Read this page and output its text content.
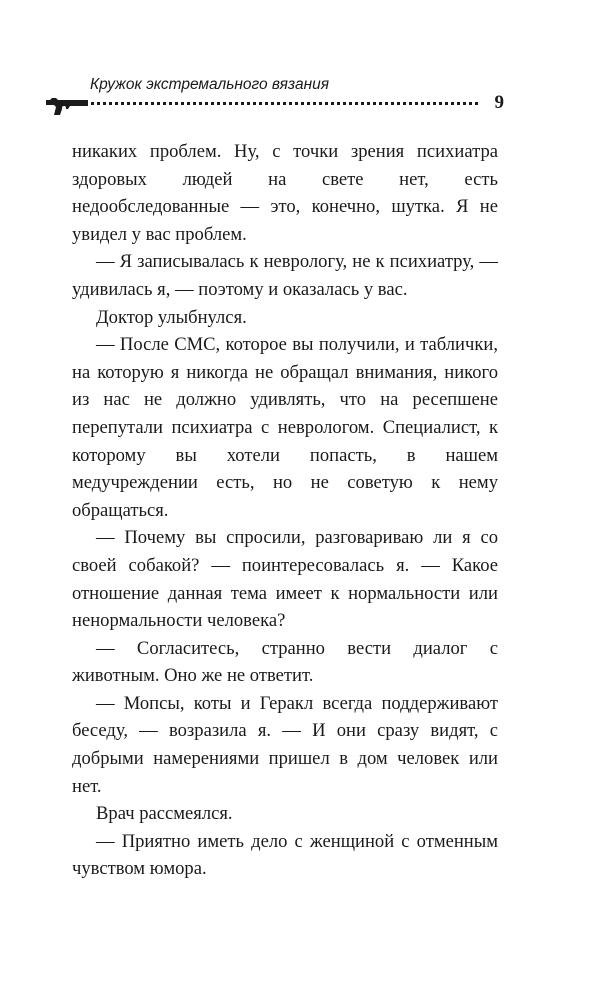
Кружок экстремального вязания
9

никаких проблем. Ну, с точки зрения психиатра здоровых людей на свете нет, есть недообследованные — это, конечно, шутка. Я не увидел у вас проблем.

— Я записывалась к неврологу, не к психиатру, — удивилась я, — поэтому и оказалась у вас.

Доктор улыбнулся.

— После СМС, которое вы получили, и таблички, на которую я никогда не обращал внимания, никого из нас не должно удивлять, что на ресепшене перепутали психиатра с неврологом. Специалист, к которому вы хотели попасть, в нашем медучреждении есть, но не советую к нему обращаться.

— Почему вы спросили, разговариваю ли я со своей собакой? — поинтересовалась я. — Какое отношение данная тема имеет к нормальности или ненормальности человека?

— Согласитесь, странно вести диалог с животным. Оно же не ответит.

— Мопсы, коты и Геракл всегда поддерживают беседу, — возразила я. — И они сразу видят, с добрыми намерениями пришел в дом человек или нет.

Врач рассмеялся.

— Приятно иметь дело с женщиной с отменным чувством юмора.
